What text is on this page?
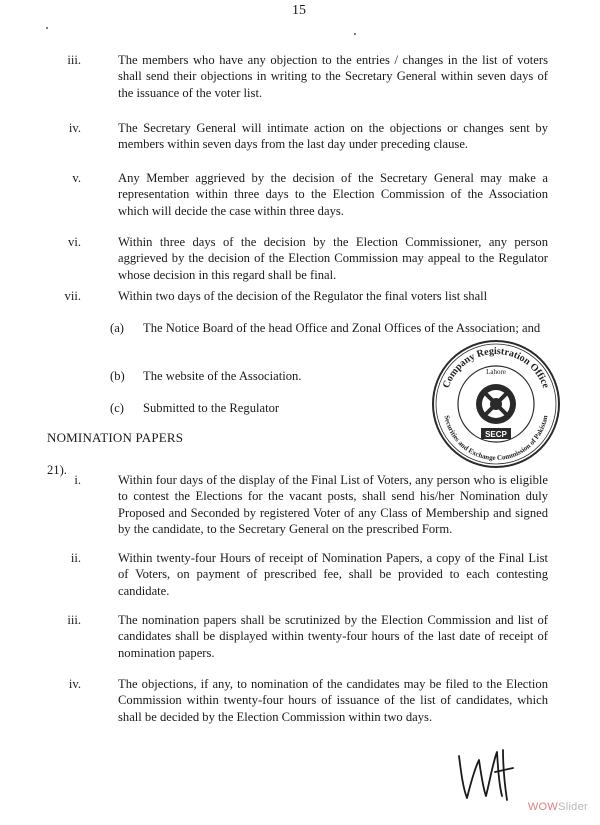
15
iii.	The members who have any objection to the entries / changes in the list of voters shall send their objections in writing to the Secretary General within seven days of the issuance of the voter list.
iv.	The Secretary General will intimate action on the objections or changes sent by members within seven days from the last day under preceding clause.
v.	Any Member aggrieved by the decision of the Secretary General may make a representation within three days to the Election Commission of the Association which will decide the case within three days.
vi.	Within three days of the decision by the Election Commissioner, any person aggrieved by the decision of the Election Commission may appeal to the Regulator whose decision in this regard shall be final.
vii.	Within two days of the decision of the Regulator the final voters list shall
(a) The Notice Board of the head Office and Zonal Offices of the Association; and
(b) The website of the Association.
(c) Submitted to the Regulator
NOMINATION PAPERS
21).
i.	Within four days of the display of the Final List of Voters, any person who is eligible to contest the Elections for the vacant posts, shall send his/her Nomination duly Proposed and Seconded by registered Voter of any Class of Membership and signed by the candidate, to the Secretary General on the prescribed Form.
ii.	Within twenty-four Hours of receipt of Nomination Papers, a copy of the Final List of Voters, on payment of prescribed fee, shall be provided to each contesting candidate.
iii.	The nomination papers shall be scrutinized by the Election Commission and list of candidates shall be displayed within twenty-four hours of the last date of receipt of nomination papers.
iv.	The objections, if any, to nomination of the candidates may be filed to the Election Commission within twenty-four hours of issuance of the list of candidates, which shall be decided by the Election Commission within two days.
Company Registration Office
Securities and Exchange Commission of Pakistan
Lahore
SECP
WOWSlider
